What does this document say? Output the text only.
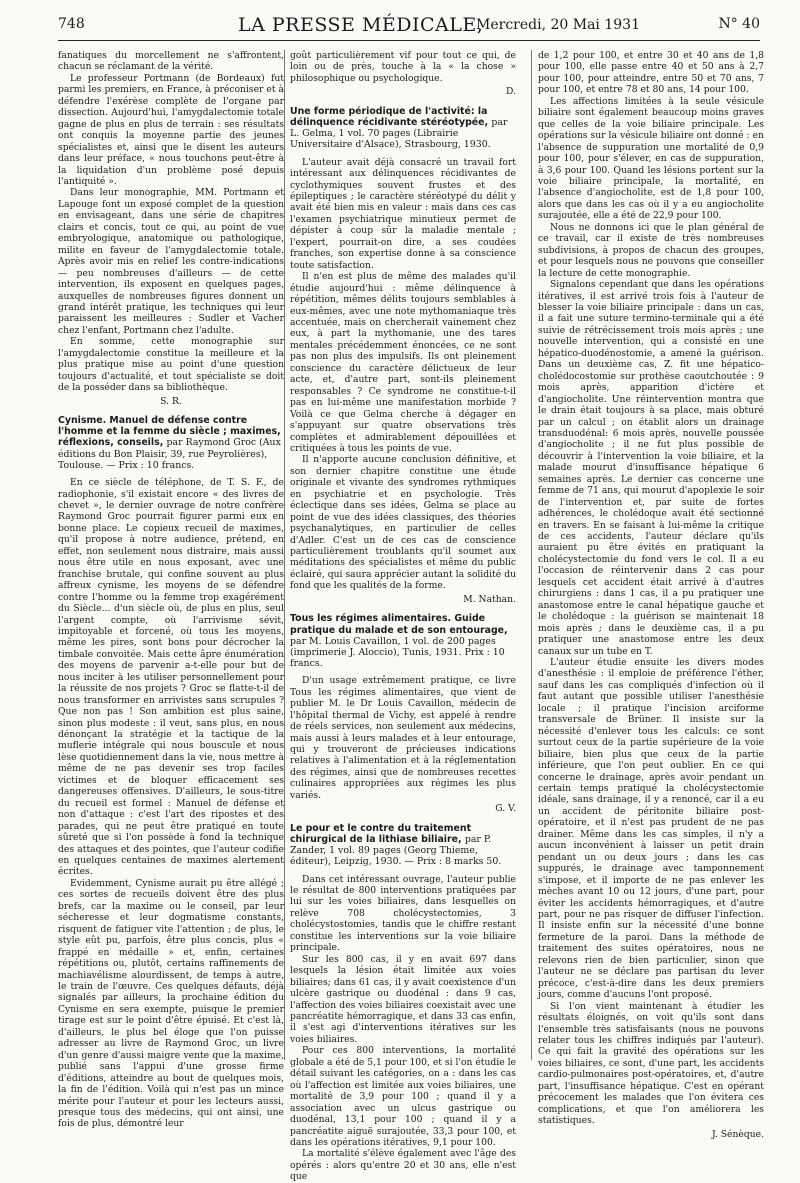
748	LA PRESSE MÉDICALE,
Mercredi, 20 Mai 1931	N° 40

fanatiques du morcellement ne s'affrontent, chacun se réclamant de la vérité.

Le professeur Portmann (de Bordeaux) fut parmi les premiers, en France, à préconiser et à défendre l'exérèse complète de l'organe par dissection. Aujourd'hui, l'amygdalectomie totale gagne de plus en plus de terrain : ses résultats ont conquis la moyenne partie des jeunes spécialistes et, ainsi que le disent les auteurs dans leur préface, « nous touchons peut-être à la liquidation d'un problème posé depuis l'antiquité ».

Dans leur monographie, MM. Portmann et Lapouge font un exposé complet de la question en envisageant, dans une série de chapitres clairs et concis, tout ce qui, au point de vue embryologique, anatomique ou pathologique, milite en faveur de l'amygdalectomie totale. Après avoir mis en relief les contre-indications — peu nombreuses d'ailleurs — de cette intervention, ils exposent en quelques pages, auxquelles de nombreuses figures donnent un grand intérêt pratique, les techniques qui leur paraissent les meilleures : Sudler et Vacher chez l'enfant, Portmann chez l'adulte.

En somme, cette monographie sur l'amygdalectomie constitue la meilleure et la plus pratique mise au point d'une question toujours d'actualité, et tout spécialiste se doit de la posséder dans sa bibliothèque.

S. R.
Cynisme. Manuel de défense contre l'homme et la femme du siècle ; maximes, réflexions, conseils, par Raymond Groc (Aux éditions du Bon Plaisir, 39, rue Peyrolières), Toulouse. — Prix : 10 francs.

En ce siècle de téléphone, de T. S. F., de radiophonie, s'il existait encore « des livres de chevet », le dernier ouvrage de notre confrère Raymond Groc pourrait figurer parmi eux en bonne place. Le copieux recueil de maximes, qu'il propose à notre audience, prétend, en effet, non seulement nous distraire, mais aussi nous être utile en nous exposant, avec une franchise brutale, qui confine souvent au plus affreux cynisme, les moyens de se défendre contre l'homme ou la femme trop exagérément du Siècle... d'un siècle où, de plus en plus, seul l'argent compte, où l'arrivisme sévit, impitoyable et forcené, où tous les moyens, même les pires, sont bons pour décrocher la timbale convoitée. Mais cette âpre énumération des moyens de parvenir a-t-elle pour but de nous inciter à les utiliser personnellement pour la réussite de nos projets ? Groc se flatte-t-il de nous transformer en arrivistes sans scrupules ? Que non pas ! Son ambition est plus saine, sinon plus modeste : il veut, sans plus, en nous dénonçant la stratégie et la tactique de la muflerie intégrale qui nous bouscule et nous lèse quotidiennement dans la vie, nous mettre à même de ne pas devenir ses trop faciles victimes et de bloquer efficacement ses dangereuses offensives. D'ailleurs, le sous-titre du recueil est formel : Manuel de défense et non d'attaque : c'est l'art des ripostes et des parades, qui ne peut être pratiqué en toute sûreté que si l'on possède à fond la technique des attaques et des pointes, que l'auteur codifie en quelques centaines de maximes alertement écrites.

Evidemment, Cynisme aurait pu être allégé ; ces sortes de recueils doivent être des plus brefs, car la maxime ou le conseil, par leur sécheresse et leur dogmatisme constants, risquent de fatiguer vite l'attention ; de plus, le style eût pu, parfois, être plus concis, plus « frappé en médaille » et, enfin, certaines répétitions ou, plutôt, certains raffinements de machiavélisme alourdissent, de temps à autre, le train de l'œuvre. Ces quelques défauts, déjà signalés par ailleurs, la prochaine édition du Cynisme en sera exempte, puisque le premier tirage est sur le point d'être épuisé. Et c'est là, d'ailleurs, le plus bel éloge que l'on puisse adresser au livre de Raymond Groc, un livre d'un genre d'aussi maigre vente que la maxime, publié sans l'appui d'une grosse firme d'éditions, atteindre au bout de quelques mois, la fin de l'édition. Voilà qui n'est pas un mince mérite pour l'auteur et pour les lecteurs aussi, presque tous des médecins, qui ont ainsi, une fois de plus, démontré leur

goût particulièrement vif pour tout ce qui, de loin ou de près, touche à la « la chose » philosophique ou psychologique.

D.
Une forme périodique de l'activité: la délinquence récidivante stéréotypée, par L. Gelma, 1 vol. 70 pages (Librairie Universitaire d'Alsace), Strasbourg, 1930.

L'auteur avait déjà consacré un travail fort intéressant aux délinquences récidivantes de cyclothymiques souvent frustes et des épileptiques ; le caractère stéréotypé du délit y avait été bien mis en valeur : mais dans ces cas l'examen psychiatrique minutieux permet de dépister à coup sûr la maladie mentale ; l'expert, pourrait-on dire, a ses coudées franches, son expertise donne à sa conscience toute satisfaction.

Il n'en est plus de même des malades qu'il étudie aujourd'hui : même délinquence à répétition, mêmes délits toujours semblables à eux-mêmes, avec une note mythomaniaque très accentuée, mais on chercherait vainement chez eux, à part la mythomanie, une des tares mentales précédemment énoncées, ce ne sont pas non plus des impulsifs. Ils ont pleinement conscience du caractère délictueux de leur acte, et, d'autre part, sont-ils pleinement responsables ? Ce syndrome ne constitue-t-il pas en lui-même une manifestation morbide ? Voilà ce que Gelma cherche à dégager en s'appuyant sur quatre observations très complètes et admirablement dépouillées et critiquées à tous les points de vue.

Il n'apporte aucune conclusion définitive, et son dernier chapitre constitue une étude originale et vivante des syndromes rythmiques en psychiatrie et en psychologie. Très éclectique dans ses idées, Gelma se place au point de vue des idées classiques, des théories psychanalytiques, en particulier de celles d'Adler. C'est un de ces cas de conscience particulièrement troublants qu'il soumet aux méditations des spécialistes et même du public éclairé, qui saura apprécier autant la solidité du fond que les qualités de la forme.

M. Nathan.
Tous les régimes alimentaires. Guide pratique du malade et de son entourage, par M. Louis Cavaillon, 1 vol. de 200 pages (imprimerie J. Aloccio), Tunis, 1931. Prix : 10 francs.

D'un usage extrêmement pratique, ce livre Tous les régimes alimentaires, que vient de publier M. le Dr Louis Cavaillon, médecin de l'hôpital thermal de Vichy, est appelé à rendre de réels services, non seulement aux médecins, mais aussi à leurs malades et à leur entourage, qui y trouveront de précieuses indications relatives à l'alimentation et à la réglementation des régimes, ainsi que de nombreuses recettes culinaires appropriées aux régimes les plus variés.

G. V.
Le pour et le contre du traitement chirurgical de la lithiase biliaire, par P. Zander, 1 vol. 89 pages (Georg Thieme, éditeur), Leipzig, 1930. — Prix : 8 marks 50.

Dans cet intéressant ouvrage, l'auteur publie le résultat de 800 interventions pratiquées par lui sur les voies biliaires, dans lesquelles on relève 708 cholécystectomies, 3 cholécystostomies, tandis que le chiffre restant constitue les interventions sur la voie biliaire principale.

Sur les 800 cas, il y en avait 697 dans lesquels la lésion était limitée aux voies biliaires; dans 61 cas, il y avait coexistence d'un ulcère gastrique ou duodénal : dans 9 cas, l'affection des voies biliaires coexistait avec une pancréatite hémorragique, et dans 33 cas enfin, il s'est agi d'interventions itératives sur les voies biliaires.

Pour ces 800 interventions, la mortalité globale a été de 5,1 pour 100, et si l'on étudie le détail suivant les catégories, on a : dans les cas où l'affection est limitée aux voies biliaires, une mortalité de 3,9 pour 100 ; quand il y a association avec un ulcus gastrique ou duodénal, 13,1 pour 100 ; quand il y a pancréatite aiguë surajoutée, 33,3 pour 100, et dans les opérations itératives, 9,1 pour 100.

La mortalité s'élève également avec l'âge des opérés : alors qu'entre 20 et 30 ans, elle n'est que

de 1,2 pour 100, et entre 30 et 40 ans de 1,8 pour 100, elle passe entre 40 et 50 ans à 2,7 pour 100, pour atteindre, entre 50 et 70 ans, 7 pour 100, et entre 78 et 80 ans, 14 pour 100.

Les affections limitées à la seule vésicule biliaire sont également beaucoup moins graves que celles de la voie biliaire principale. Les opérations sur la vésicule biliaire ont donné : en l'absence de suppuration une mortalité de 0,9 pour 100, pour s'élever, en cas de suppuration, à 3,6 pour 100. Quand les lésions portent sur la voie biliaire principale, la mortalité, en l'absence d'angiocholite, est de 1,8 pour 100, alors que dans les cas où il y a eu angiocholite surajoutée, elle a été de 22,9 pour 100.

Nous ne donnons ici que le plan général de ce travail, car il existe de très nombreuses subdivisions, à propos de chacun des groupes, et pour lesquels nous ne pouvons que conseiller la lecture de cette monographie.

Signalons cependant que dans les opérations itératives, il est arrivé trois fois à l'auteur de blesser la voie biliaire principale : dans un cas, il a fait une suture termino-terminale qui a été suivie de rétrécissement trois mois après ; une nouvelle intervention, qui a consisté en une hépatico-duodénostomie, a amené la guérison. Dans un deuxième cas, Z. fit une hépatico-cholédocostomie sur prothèse caoutchoutée : 9 mois après, apparition d'ictère et d'angiocholite. Une réintervention montra que le drain était toujours à sa place, mais obturé par un calcul ; on établit alors un drainage transduodénal: 6 mois après, nouvelle poussée d'angiocholite ; il ne fut plus possible de découvrir à l'intervention la voie biliaire, et la malade mourut d'insuffisance hépatique 6 semaines après. Le dernier cas concerne une femme de 71 ans, qui mourut d'apoplexie le soir de l'intervention et, par suite de fortes adhérences, le cholédoque avait été sectionné en travers. En se faisant à lui-même la critique de ces accidents, l'auteur déclare qu'ils auraient pu être évités en pratiquant la cholécystectomie du fond vers le col. Il a eu l'occasion de réintervenir dans 2 cas pour lesquels cet accident était arrivé à d'autres chirurgiens : dans 1 cas, il a pu pratiquer une anastomose entre le canal hépatique gauche et le cholédoque : la guérison se maintenait 18 mois après ; dans le deuxième cas, il a pu pratiquer une anastomose entre les deux canaux sur un tube en T.

L'auteur étudie ensuite les divers modes d'anesthésie : il emploie de préférence l'éther, sauf dans les cas compliqués d'infection où il faut autant que possible utiliser l'anesthésie locale ; il pratique l'incision arciforme transversale de Brüner. Il insiste sur la nécessité d'enlever tous les calculs: ce sont surtout ceux de la partie supérieure de la voie biliaire, bien plus que ceux de la partie inférieure, que l'on peut oublier. En ce qui concerne le drainage, après avoir pendant un certain temps pratiqué la cholécystectomie idéale, sans drainage, il y a renoncé, car il a eu un accident de péritonite biliaire post-opératoire, et il n'est pas prudent de ne pas drainer. Même dans les cas simples, il n'y a aucun inconvénient à laisser un petit drain pendant un ou deux jours ; dans les cas suppurés, le drainage avec tamponnement s'impose, et il importe de ne pas enlever les mèches avant 10 ou 12 jours, d'une part, pour éviter les accidents hémorragiques, et d'autre part, pour ne pas risquer de diffuser l'infection. Il insiste enfin sur la nécessité d'une bonne fermeture de la paroi. Dans la méthode de traitement des suites opératoires, nous ne relevons rien de bien particulier, sinon que l'auteur ne se déclare pas partisan du lever précoce, c'est-à-dire dans les deux premiers jours, comme d'aucuns l'ont proposé.

Si l'on vient maintenant à étudier les résultats éloignés, on voit qu'ils sont dans l'ensemble très satisfaisants (nous ne pouvons relater tous les chiffres indiqués par l'auteur). Ce qui fait la gravité des opérations sur les voies biliaires, ce sont, d'une part, les accidents cardio-pulmonaires post-opératoires, et, d'autre part, l'insuffisance hépatique. C'est en opérant précocement les malades que l'on évitera ces complications, et que l'on améliorera les statistiques.

J. Sénèque.
